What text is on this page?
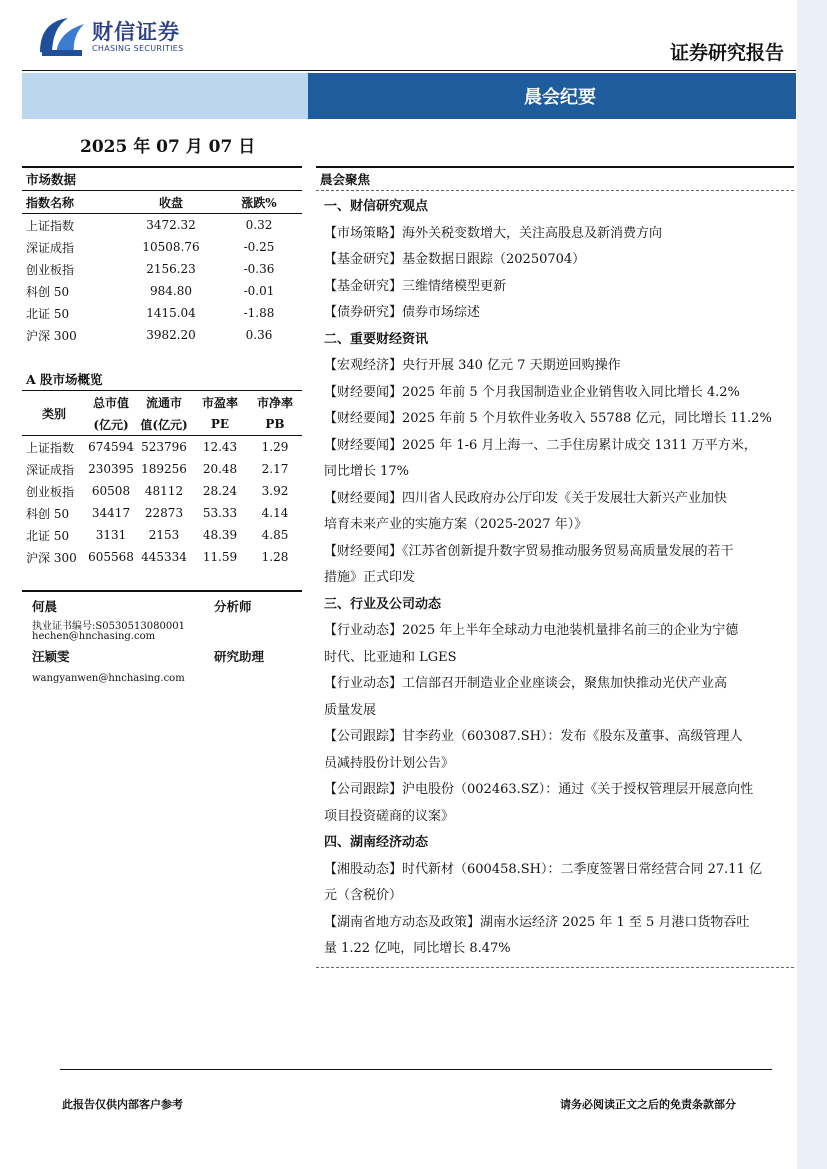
财信证券
CHASING SECURITIES	证券研究报告
晨会纪要
2025 年 07 月 07 日
市场数据
指数名称	收盘	涨跌%

上证指数	3472.32	0.32
深证成指	10508.76	-0.25
创业板指	2156.23	-0.36
科创 50	984.80	-0.01
北证 50	1415.04	-1.88
沪深 300	3982.20	0.36
A 股市场概览
类别	总市值	流通市	市盈率	市净率
	(亿元)	值(亿元)	PE	PB

上证指数	674594	523796	12.43	1.29
深证成指	230395	189256	20.48	2.17
创业板指	60508	48112	28.24	3.92
科创 50	34417	22873	53.33	4.14
北证 50	3131	2153	48.39	4.85
沪深 300	605568	445334	11.59	1.28
何晨	分析师
执业证书编号:S0530513080001
hechen@hnchasing.com
汪颖雯	研究助理
wangyanwen@hnchasing.com
晨会聚焦
一、财信研究观点
【市场策略】海外关税变数增大，关注高股息及新消费方向
【基金研究】基金数据日跟踪（20250704）
【基金研究】三维情绪模型更新
【债券研究】债券市场综述
二、重要财经资讯
【宏观经济】央行开展 340 亿元 7 天期逆回购操作
【财经要闻】2025 年前 5 个月我国制造业企业销售收入同比增长 4.2%
【财经要闻】2025 年前 5 个月软件业务收入 55788 亿元，同比增长 11.2%
【财经要闻】2025 年 1-6 月上海一、二手住房累计成交 1311 万平方米，
同比增长 17%
【财经要闻】四川省人民政府办公厅印发《关于发展壮大新兴产业加快
培育未来产业的实施方案（2025-2027 年）》
【财经要闻】《江苏省创新提升数字贸易推动服务贸易高质量发展的若干
措施》正式印发
三、行业及公司动态
【行业动态】2025 年上半年全球动力电池装机量排名前三的企业为宁德
时代、比亚迪和 LGES
【行业动态】工信部召开制造业企业座谈会，聚焦加快推动光伏产业高
质量发展
【公司跟踪】甘李药业（603087.SH）：发布《股东及董事、高级管理人
员减持股份计划公告》
【公司跟踪】沪电股份（002463.SZ）：通过《关于授权管理层开展意向性
项目投资磋商的议案》
四、湖南经济动态
【湘股动态】时代新材（600458.SH）：二季度签署日常经营合同 27.11 亿
元（含税价）
【湖南省地方动态及政策】湖南水运经济 2025 年 1 至 5 月港口货物吞吐
量 1.22 亿吨，同比增长 8.47%
此报告仅供内部客户参考	请务必阅读正文之后的免责条款部分
